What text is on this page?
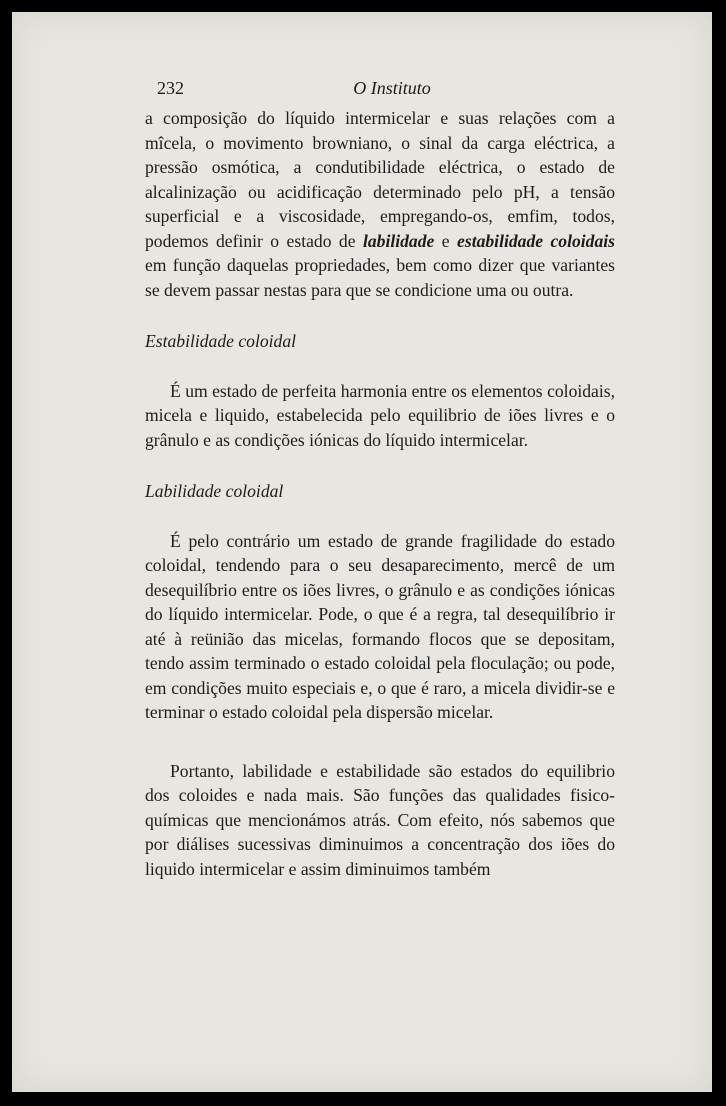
232	O Instituto

a composição do líquido intermicelar e suas relações com a mîcela, o movimento browniano, o sinal da carga eléctrica, a pressão osmótica, a condutibilidade eléctrica, o estado de alcalinização ou acidificação determinado pelo pH, a tensão superficial e a viscosidade, empregando-os, emfim, todos, podemos definir o estado de labilidade e estabilidade coloidais em função daquelas propriedades, bem como dizer que variantes se devem passar nestas para que se condicione uma ou outra.

Estabilidade coloidal

É um estado de perfeita harmonia entre os elementos coloidais, micela e liquido, estabelecida pelo equilibrio de iões livres e o grânulo e as condições iónicas do líquido intermicelar.

Labilidade coloidal

É pelo contrário um estado de grande fragilidade do estado coloidal, tendendo para o seu desaparecimento, mercê de um desequilíbrio entre os iões livres, o grânulo e as condições iónicas do líquido intermicelar. Pode, o que é a regra, tal desequilíbrio ir até à reünião das micelas, formando flocos que se depositam, tendo assim terminado o estado coloidal pela floculação; ou pode, em condições muito especiais e, o que é raro, a micela dividir-se e terminar o estado coloidal pela dispersão micelar.

Portanto, labilidade e estabilidade são estados do equilibrio dos coloides e nada mais. São funções das qualidades fisico-químicas que mencionámos atrás. Com efeito, nós sabemos que por diálises sucessivas diminuimos a concentração dos iões do liquido intermicelar e assim diminuimos também
